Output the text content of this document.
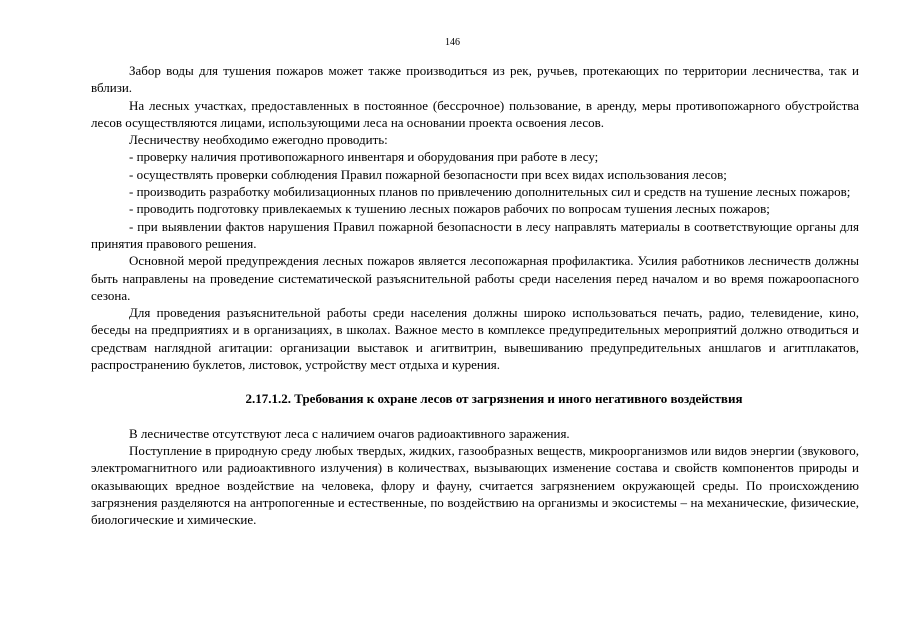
146

Забор воды для тушения пожаров может также производиться из рек, ручьев, протекающих по территории лесничества, так и вблизи.

На лесных участках, предоставленных в постоянное (бессрочное) пользование, в аренду, меры противопожарного обустройства лесов осуществляются лицами, использующими леса на основании проекта освоения лесов.

Лесничеству необходимо ежегодно проводить:

- проверку наличия противопожарного инвентаря и оборудования при работе в лесу;

- осуществлять проверки соблюдения Правил пожарной безопасности при всех видах использования лесов;

- производить разработку мобилизационных планов по привлечению дополнительных сил и средств на тушение лесных пожаров;

- проводить подготовку привлекаемых к тушению лесных пожаров рабочих по вопросам тушения лесных пожаров;

- при выявлении фактов нарушения Правил пожарной безопасности в лесу направлять материалы в соответствующие органы для принятия правового решения.

Основной мерой предупреждения лесных пожаров является лесопожарная профилактика. Усилия работников лесничеств должны быть направлены на проведение систематической разъяснительной работы среди населения перед началом и во время пожароопасного сезона.

Для проведения разъяснительной работы среди населения должны широко использоваться печать, радио, телевидение, кино, беседы на предприятиях и в организациях, в школах. Важное место в комплексе предупредительных мероприятий должно отводиться и средствам наглядной агитации: организации выставок и агитвитрин, вывешиванию предупредительных аншлагов и агитплакатов, распространению буклетов, листовок, устройству мест отдыха и курения.

2.17.1.2. Требования к охране лесов от загрязнения и иного негативного воздействия

В лесничестве отсутствуют леса с наличием очагов радиоактивного заражения.

Поступление в природную среду любых твердых, жидких, газообразных веществ, микроорганизмов или видов энергии (звукового, электромагнитного или радиоактивного излучения) в количествах, вызывающих изменение состава и свойств компонентов природы и оказывающих вредное воздействие на человека, флору и фауну, считается загрязнением окружающей среды. По происхождению загрязнения разделяются на антропогенные и естественные, по воздействию на организмы и экосистемы – на механические, физические, биологические и химические.
